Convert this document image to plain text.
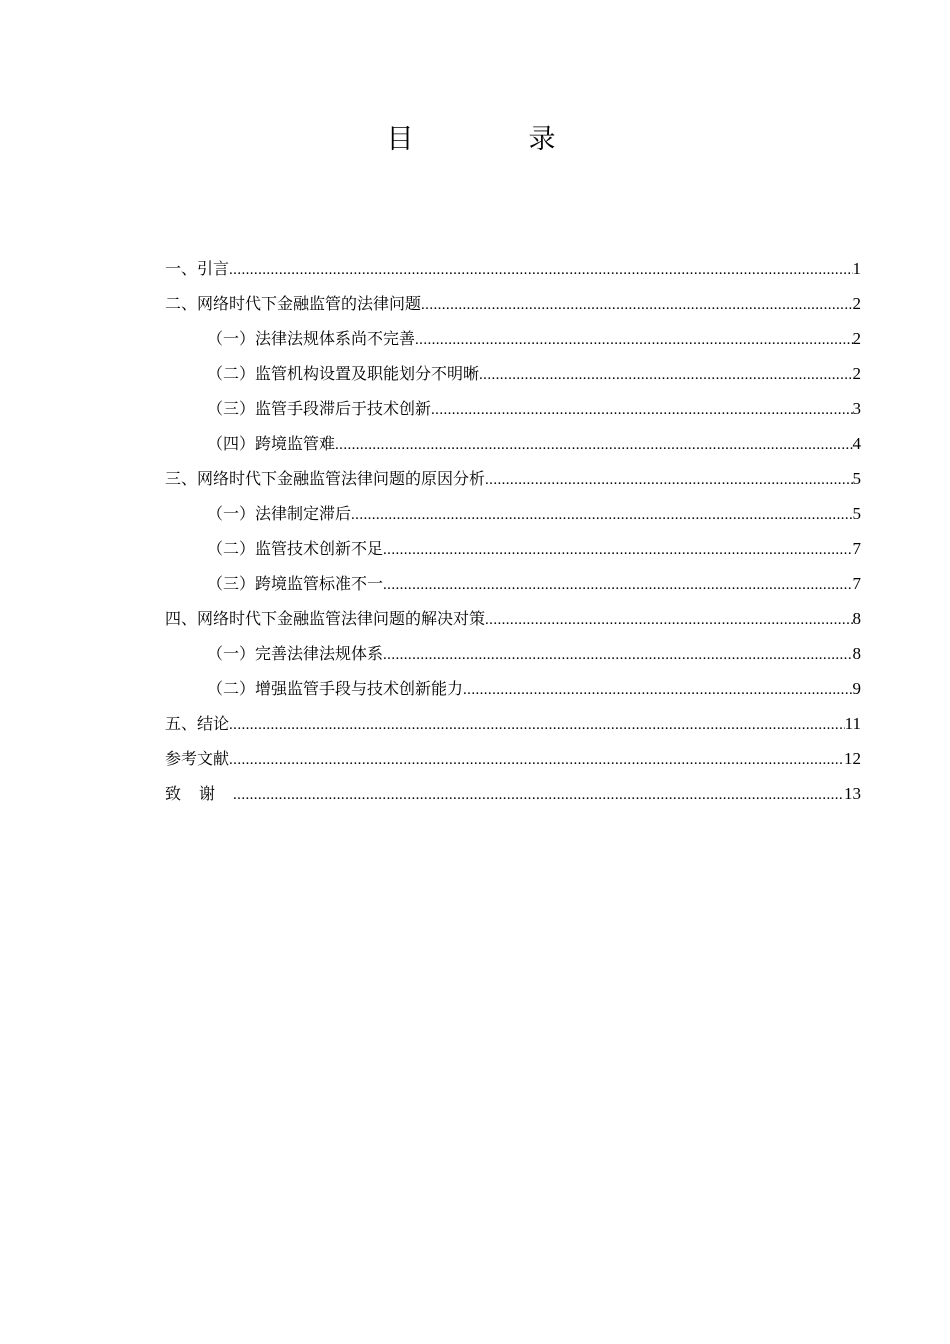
目　录
一、引言 .....	1
二、网络时代下金融监管的法律问题 .....	2
（一）法律法规体系尚不完善 .....	2
（二）监管机构设置及职能划分不明晰 .....	2
（三）监管手段滞后于技术创新 .....	3
（四）跨境监管难 .....	4
三、网络时代下金融监管法律问题的原因分析 .....	5
（一）法律制定滞后 .....	5
（二）监管技术创新不足 .....	7
（三）跨境监管标准不一 .....	7
四、网络时代下金融监管法律问题的解决对策 .....	8
（一）完善法律法规体系 .....	8
（二）增强监管手段与技术创新能力 .....	9
五、结论 .....	11
参考文献 .....	12
致谢 .....	13
